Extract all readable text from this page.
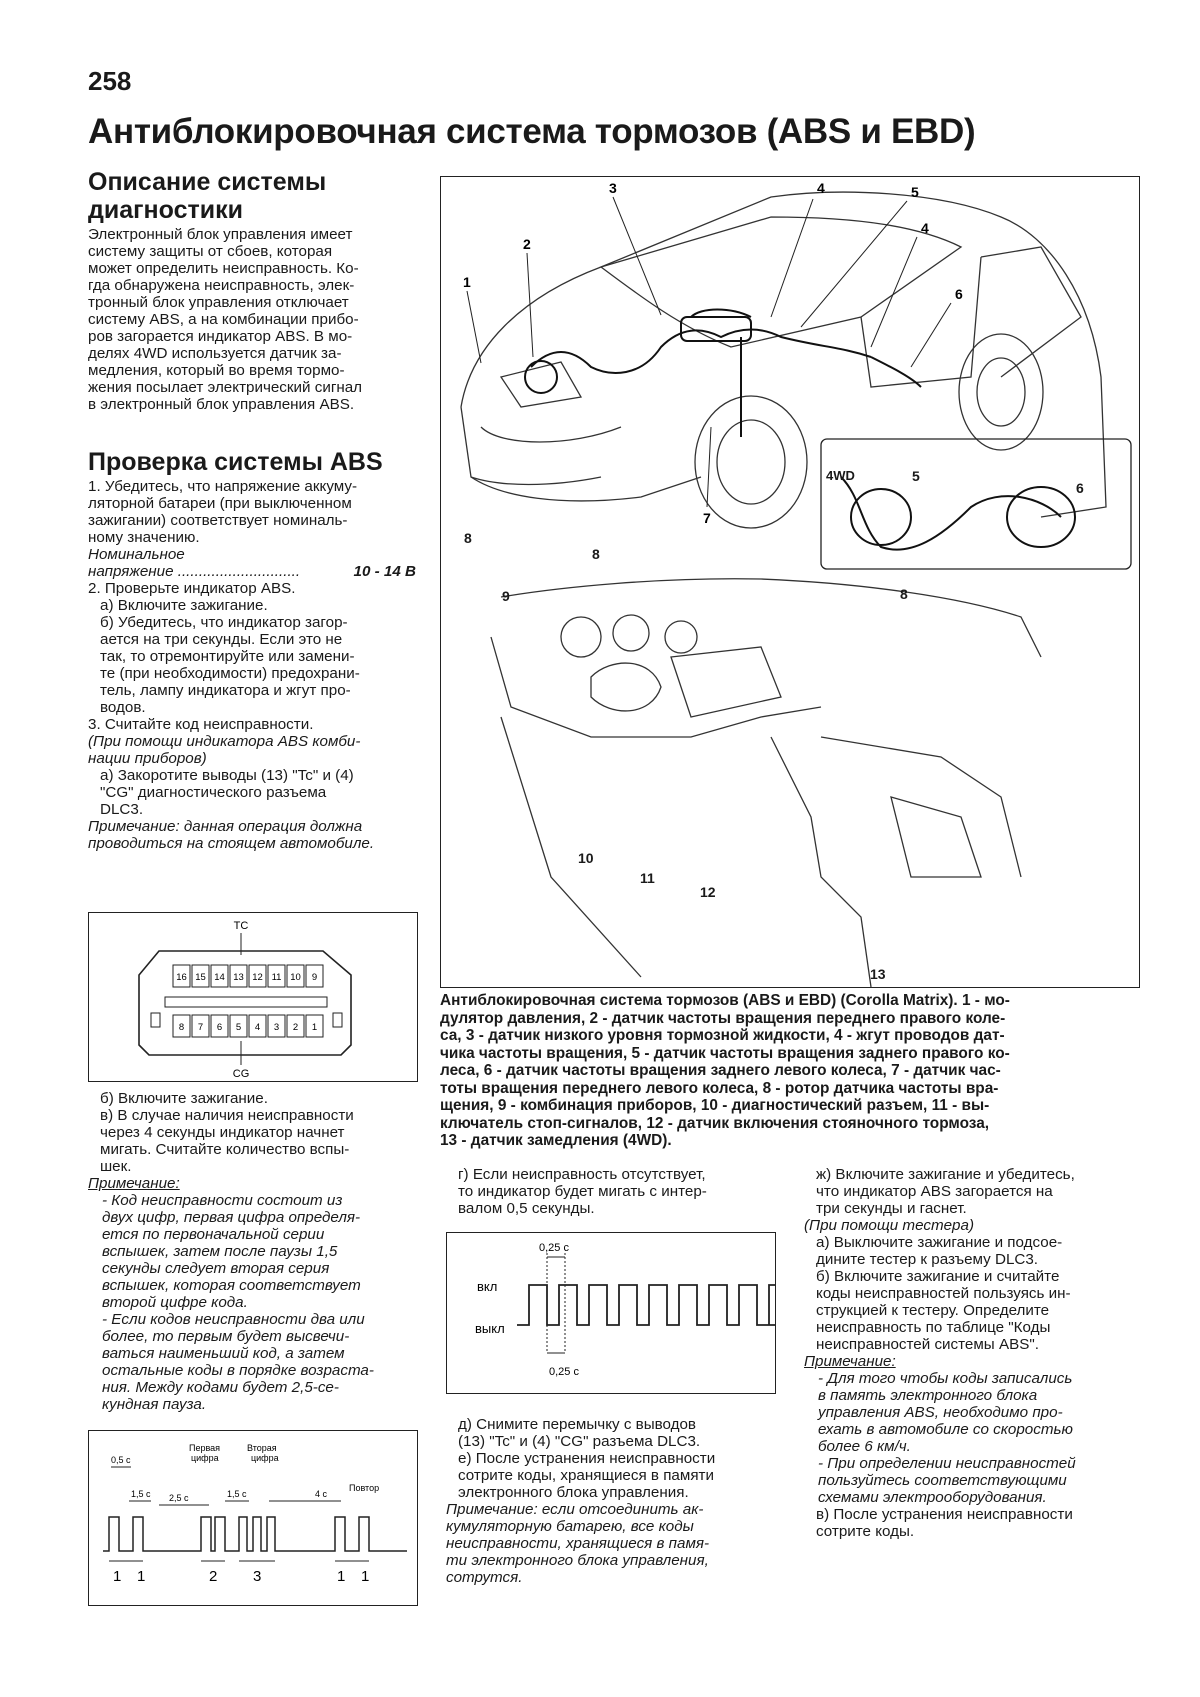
258
Антиблокировочная система тормозов (ABS и EBD)
Описание системы
диагностики
Электронный блок управления имеет
систему защиты от сбоев, которая
может определить неисправность. Ко-
гда обнаружена неисправность, элек-
тронный блок управления отключает
систему ABS, а на комбинации прибо-
ров загорается индикатор ABS. В мо-
делях 4WD используется датчик за-
медления, который во время тормо-
жения посылает электрический сигнал
в электронный блок управления ABS.
Проверка системы ABS
1. Убедитесь, что напряжение аккуму-
ляторной батареи (при выключенном
зажигании) соответствует номиналь-
ному значению.
Номинальное
напряжение .............................	10 - 14 В
2. Проверьте индикатор ABS.
а) Включите зажигание.
б) Убедитесь, что индикатор загор-
ается на три секунды. Если это не
так, то отремонтируйте или замени-
те (при необходимости) предохрани-
тель, лампу индикатора и жгут про-
водов.
3. Считайте код неисправности.
(При помощи индикатора ABS комби-
нации приборов)
а) Закоротите выводы (13) "Tc" и (4)
"CG" диагностического разъема
DLC3.
Примечание: данная операция должна
проводиться на стоящем автомобиле.
TC
16 15 14 13 12 11 10 9
8 7 6 5 4 3 2 1
CG
б) Включите зажигание.
в) В случае наличия неисправности
через 4 секунды индикатор начнет
мигать. Считайте количество вспы-
шек.
Примечание:
- Код неисправности состоит из
двух цифр, первая цифра определя-
ется по первоначальной серии
вспышек, затем после паузы 1,5
секунды следует вторая серия
вспышек, которая соответствует
второй цифре кода.
- Если кодов неисправности два или
более, то первым будет высвечи-
ваться наименьший код, а затем
остальные коды в порядке возраста-
ния. Между кодами будет 2,5-се-
кундная пауза.
Первая
цифра
Вторая
цифра
0,5 с
1,5 с 2,5 с	1,5 с	4 с
Повтор
1 1	2 3	1 1
1
2
3	4	5
4
6
7
Антиблокировочная система тормозов (ABS и EBD) (Corolla Matrix). 1 - мо-
дулятор давления, 2 - датчик частоты вращения переднего правого коле-
са, 3 - датчик низкого уровня тормозной жидкости, 4 - жгут проводов дат-
чика частоты вращения, 5 - датчик частоты вращения заднего правого ко-
леса, 6 - датчик частоты вращения заднего левого колеса, 7 - датчик час-
тоты вращения переднего левого колеса, 8 - ротор датчика частоты вра-
щения, 9 - комбинация приборов, 10 - диагностический разъем, 11 - вы-
ключатель стоп-сигналов, 12 - датчик включения стояночного тормоза,
13 - датчик замедления (4WD).
г) Если неисправность отсутствует,
то индикатор будет мигать с интер-
валом 0,5 секунды.
0,25 с
вкл
выкл
0,25 с
д) Снимите перемычку с выводов
(13) "Tc" и (4) "CG" разъема DLC3.
е) После устранения неисправности
сотрите коды, хранящиеся в памяти
электронного блока управления.
Примечание: если отсоединить ак-
кумуляторную батарею, все коды
неисправности, хранящиеся в памя-
ти электронного блока управления,
сотрутся.
ж) Включите зажигание и убедитесь,
что индикатор ABS загорается на
три секунды и гаснет.
(При помощи тестера)
а) Выключите зажигание и подсое-
дините тестер к разъему DLC3.
б) Включите зажигание и считайте
коды неисправностей пользуясь ин-
струкцией к тестеру. Определите
неисправность по таблице "Коды
неисправностей системы ABS".
Примечание:
- Для того чтобы коды записались
в память электронного блока
управления ABS, необходимо про-
ехать в автомобиле со скоростью
более 6 км/ч.
- При определении неисправностей
пользуйтесь соответствующими
схемами электрооборудования.
в) После устранения неисправности
сотрите коды.
9
10
11
12
13
8
8
4WD	5
6
8
